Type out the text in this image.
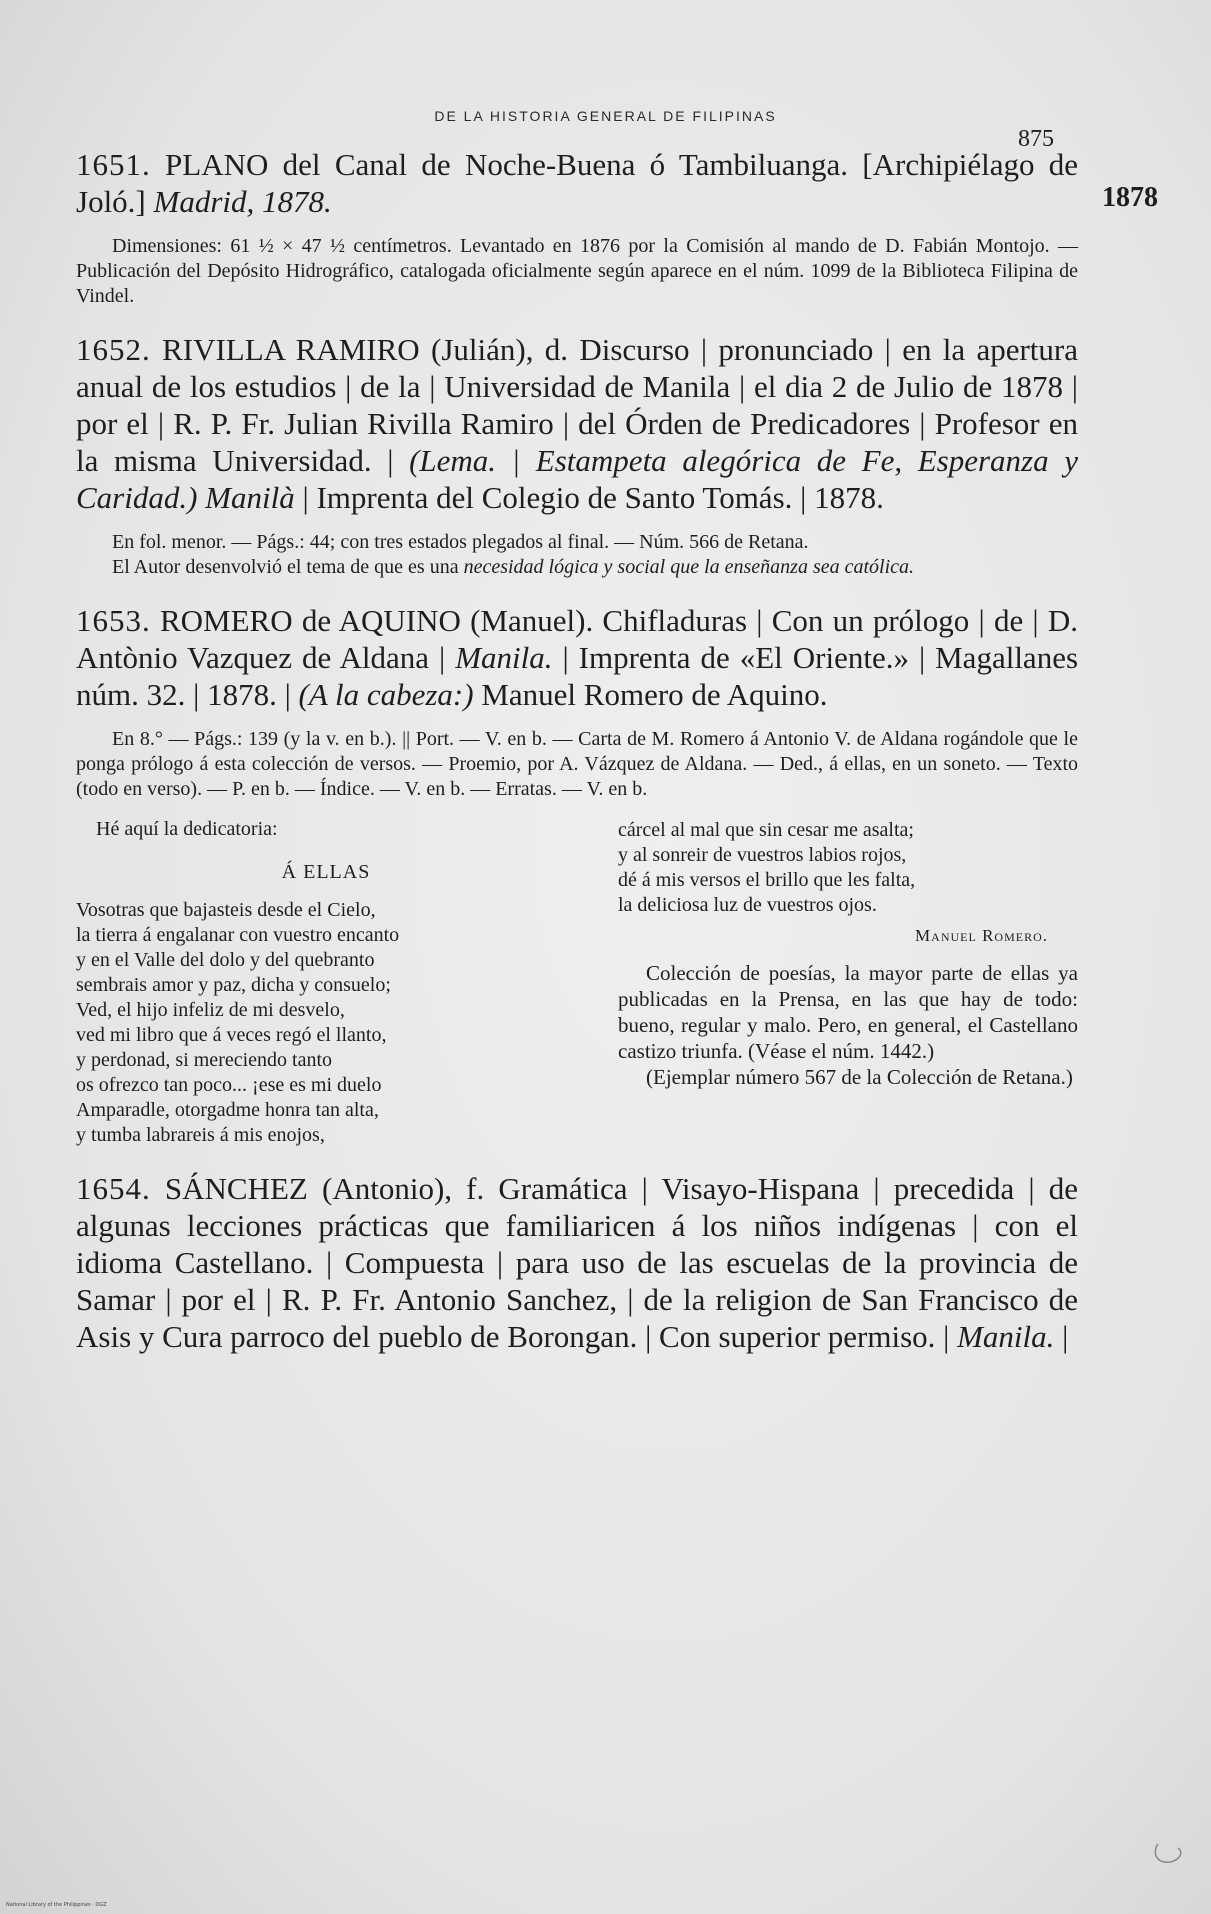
DE LA HISTORIA GENERAL DE FILIPINAS
875
1878

1651. PLANO del Canal de Noche-Buena ó Tambiluanga. [Archipiélago de Joló.] Madrid, 1878.

Dimensiones: 61 ½ × 47 ½ centímetros. Levantado en 1876 por la Comisión al mando de D. Fabián Montojo. — Publicación del Depósito Hidrográfico, catalogada oficialmente según aparece en el núm. 1099 de la Biblioteca Filipina de Vindel.

1652. RIVILLA RAMIRO (Julián), d. Discurso | pronunciado | en la apertura anual de los estudios | de la | Universidad de Manila | el dia 2 de Julio de 1878 | por el | R. P. Fr. Julian Rivilla Ramiro | del Órden de Predicadores | Profesor en la misma Universidad. | (Lema. | Estampeta alegórica de Fe, Esperanza y Caridad.) Manilà | Imprenta del Colegio de Santo Tomás. | 1878.

En fol. menor. — Págs.: 44; con tres estados plegados al final. — Núm. 566 de Retana.

El Autor desenvolvió el tema de que es una necesidad lógica y social que la enseñanza sea católica.

1653. ROMERO de AQUINO (Manuel). Chifladuras | Con un prólogo | de | D. Antònio Vazquez de Aldana | Manila. | Imprenta de «El Oriente.» | Magallanes núm. 32. | 1878. | (A la cabeza:) Manuel Romero de Aquino.

En 8.° — Págs.: 139 (y la v. en b.). || Port. — V. en b. — Carta de M. Romero á Antonio V. de Aldana rogándole que le ponga prólogo á esta colección de versos. — Proemio, por A. Vázquez de Aldana. — Ded., á ellas, en un soneto. — Texto (todo en verso). — P. en b. — Índice. — V. en b. — Erratas. — V. en b.

Hé aquí la dedicatoria:

Á ELLAS

Vosotras que bajasteis desde el Cielo,

la tierra á engalanar con vuestro encanto

y en el Valle del dolo y del quebranto

sembrais amor y paz, dicha y consuelo;

Ved, el hijo infeliz de mi desvelo,

ved mi libro que á veces regó el llanto,

y perdonad, si mereciendo tanto

os ofrezco tan poco... ¡ese es mi duelo

Amparadle, otorgadme honra tan alta,

y tumba labrareis á mis enojos,

cárcel al mal que sin cesar me asalta;

y al sonreir de vuestros labios rojos,

dé á mis versos el brillo que les falta,

la deliciosa luz de vuestros ojos.

Manuel Romero.

Colección de poesías, la mayor parte de ellas ya publicadas en la Prensa, en las que hay de todo: bueno, regular y malo. Pero, en general, el Castellano castizo triunfa. (Véase el núm. 1442.)

(Ejemplar número 567 de la Colección de Retana.)

1654. SÁNCHEZ (Antonio), f. Gramática | Visayo-Hispana | precedida | de algunas lecciones prácticas que familiaricen á los niños indígenas | con el idioma Castellano. | Compuesta | para uso de las escuelas de la provincia de Samar | por el | R. P. Fr. Antonio Sanchez, | de la religion de San Francisco de Asis y Cura parroco del pueblo de Borongan. | Con superior permiso. | Manila. |

National Library of the Philippines · DGZ
